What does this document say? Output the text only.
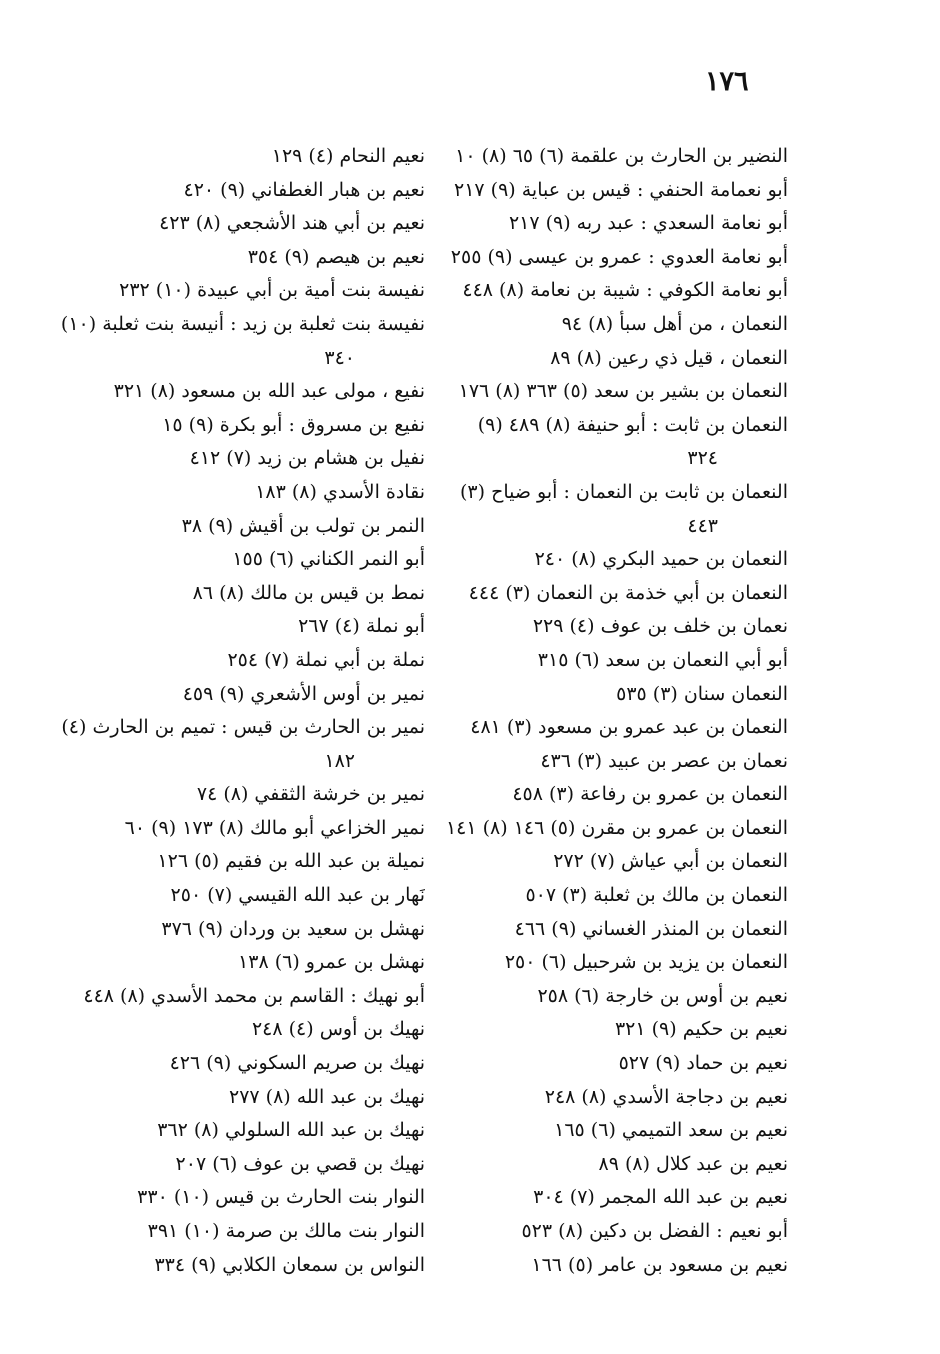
١٧٦
النضير بن الحارث بن علقمة (٦) ٦٥ (٨) ١٠
أبو نعمامة الحنفي : قيس بن عباية (٩) ٢١٧
أبو نعامة السعدي : عبد ربه (٩) ٢١٧
أبو نعامة العدوي : عمرو بن عيسى (٩) ٢٥٥
أبو نعامة الكوفي : شيبة بن نعامة (٨) ٤٤٨
النعمان ، من أهل سبأ (٨) ٩٤
النعمان ، قيل ذي رعين (٨) ٨٩
النعمان بن بشير بن سعد (٥) ٣٦٣ (٨) ١٧٦
النعمان بن ثابت : أبو حنيفة (٨) ٤٨٩ (٩)
٣٢٤
النعمان بن ثابت بن النعمان : أبو ضياح (٣)
٤٤٣
النعمان بن حميد البكري (٨) ٢٤٠
النعمان بن أبي خذمة بن النعمان (٣) ٤٤٤
نعمان بن خلف بن عوف (٤) ٢٢٩
أبو أبي النعمان بن سعد (٦) ٣١٥
النعمان سنان (٣) ٥٣٥
النعمان بن عبد عمرو بن مسعود (٣) ٤٨١
نعمان بن عصر بن عبيد (٣) ٤٣٦
النعمان بن عمرو بن رفاعة (٣) ٤٥٨
النعمان بن عمرو بن مقرن (٥) ١٤٦ (٨) ١٤١
النعمان بن أبي عياش (٧) ٢٧٢
النعمان بن مالك بن ثعلبة (٣) ٥٠٧
النعمان بن المنذر الغساني (٩) ٤٦٦
النعمان بن يزيد بن شرحبيل (٦) ٢٥٠
نعيم بن أوس بن خارجة (٦) ٢٥٨
نعيم بن حكيم (٩) ٣٢١
نعيم بن حماد (٩) ٥٢٧
نعيم بن دجاجة الأسدي (٨) ٢٤٨
نعيم بن سعد التميمي (٦) ١٦٥
نعيم بن عبد كلال (٨) ٨٩
نعيم بن عبد الله المجمر (٧) ٣٠٤
أبو نعيم : الفضل بن دكين (٨) ٥٢٣
نعيم بن مسعود بن عامر (٥) ١٦٦
نعيم النحام (٤) ١٢٩
نعيم بن هبار الغطفاني (٩) ٤٢٠
نعيم بن أبي هند الأشجعي (٨) ٤٢٣
نعيم بن هيصم (٩) ٣٥٤
نفيسة بنت أمية بن أبي عبيدة (١٠) ٢٣٢
نفيسة بنت ثعلبة بن زيد : أنيسة بنت ثعلبة (١٠)
٣٤٠
نفيع ، مولى عبد الله بن مسعود (٨) ٣٢١
نفيع بن مسروق : أبو بكرة (٩) ١٥
نفيل بن هشام بن زيد (٧) ٤١٢
نقادة الأسدي (٨) ١٨٣
النمر بن تولب بن أقيش (٩) ٣٨
أبو النمر الكناني (٦) ١٥٥
نمط بن قيس بن مالك (٨) ٨٦
أبو نملة (٤) ٢٦٧
نملة بن أبي نملة (٧) ٢٥٤
نمير بن أوس الأشعري (٩) ٤٥٩
نمير بن الحارث بن قيس : تميم بن الحارث (٤)
١٨٢
نمير بن خرشة الثقفي (٨) ٧٤
نمير الخزاعي أبو مالك (٨) ١٧٣ (٩) ٦٠
نميلة بن عبد الله بن فقيم (٥) ١٢٦
نَهار بن عبد الله القيسي (٧) ٢٥٠
نهشل بن سعيد بن وردان (٩) ٣٧٦
نهشل بن عمرو (٦) ١٣٨
أبو نهيك : القاسم بن محمد الأسدي (٨) ٤٤٨
نهيك بن أوس (٤) ٢٤٨
نهيك بن صريم السكوني (٩) ٤٢٦
نهيك بن عبد الله (٨) ٢٧٧
نهيك بن عبد الله السلولي (٨) ٣٦٢
نهيك بن قصي بن عوف (٦) ٢٠٧
النوار بنت الحارث بن قيس (١٠) ٣٣٠
النوار بنت مالك بن صرمة (١٠) ٣٩١
النواس بن سمعان الكلابي (٩) ٣٣٤
